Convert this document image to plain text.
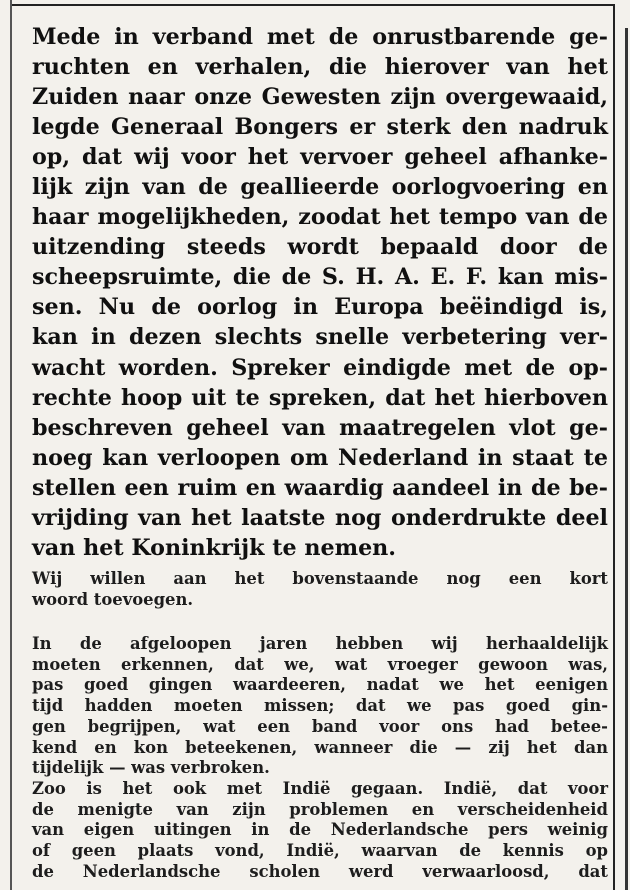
Mede in verband met de onrustbarende ge-
ruchten en verhalen, die hierover van het
Zuiden naar onze Gewesten zijn overgewaaid,
legde Generaal Bongers er sterk den nadruk
op, dat wij voor het vervoer geheel afhanke-
lijk zijn van de geallieerde oorlogvoering en
haar mogelijkheden, zoodat het tempo van de
uitzending steeds wordt bepaald door de
scheepsruimte, die de S. H. A. E. F. kan mis-
sen. Nu de oorlog in Europa beëindigd is,
kan in dezen slechts snelle verbetering ver-
wacht worden. Spreker eindigde met de op-
rechte hoop uit te spreken, dat het hierboven
beschreven geheel van maatregelen vlot ge-
noeg kan verloopen om Nederland in staat te
stellen een ruim en waardig aandeel in de be-
vrijding van het laatste nog onderdrukte deel
van het Koninkrijk te nemen.
Wij willen aan het bovenstaande nog een kort
woord toevoegen.
In de afgeloopen jaren hebben wij herhaaldelijk
moeten erkennen, dat we, wat vroeger gewoon was,
pas goed gingen waardeeren, nadat we het eenigen
tijd hadden moeten missen; dat we pas goed gin-
gen begrijpen, wat een band voor ons had betee-
kend en kon beteekenen, wanneer die — zij het dan
tijdelijk — was verbroken.
Zoo is het ook met Indië gegaan. Indië, dat voor
de menigte van zijn problemen en verscheidenheid
van eigen uitingen in de Nederlandsche pers weinig
of geen plaats vond, Indië, waarvan de kennis op
de Nederlandsche scholen werd verwaarloosd, dat
